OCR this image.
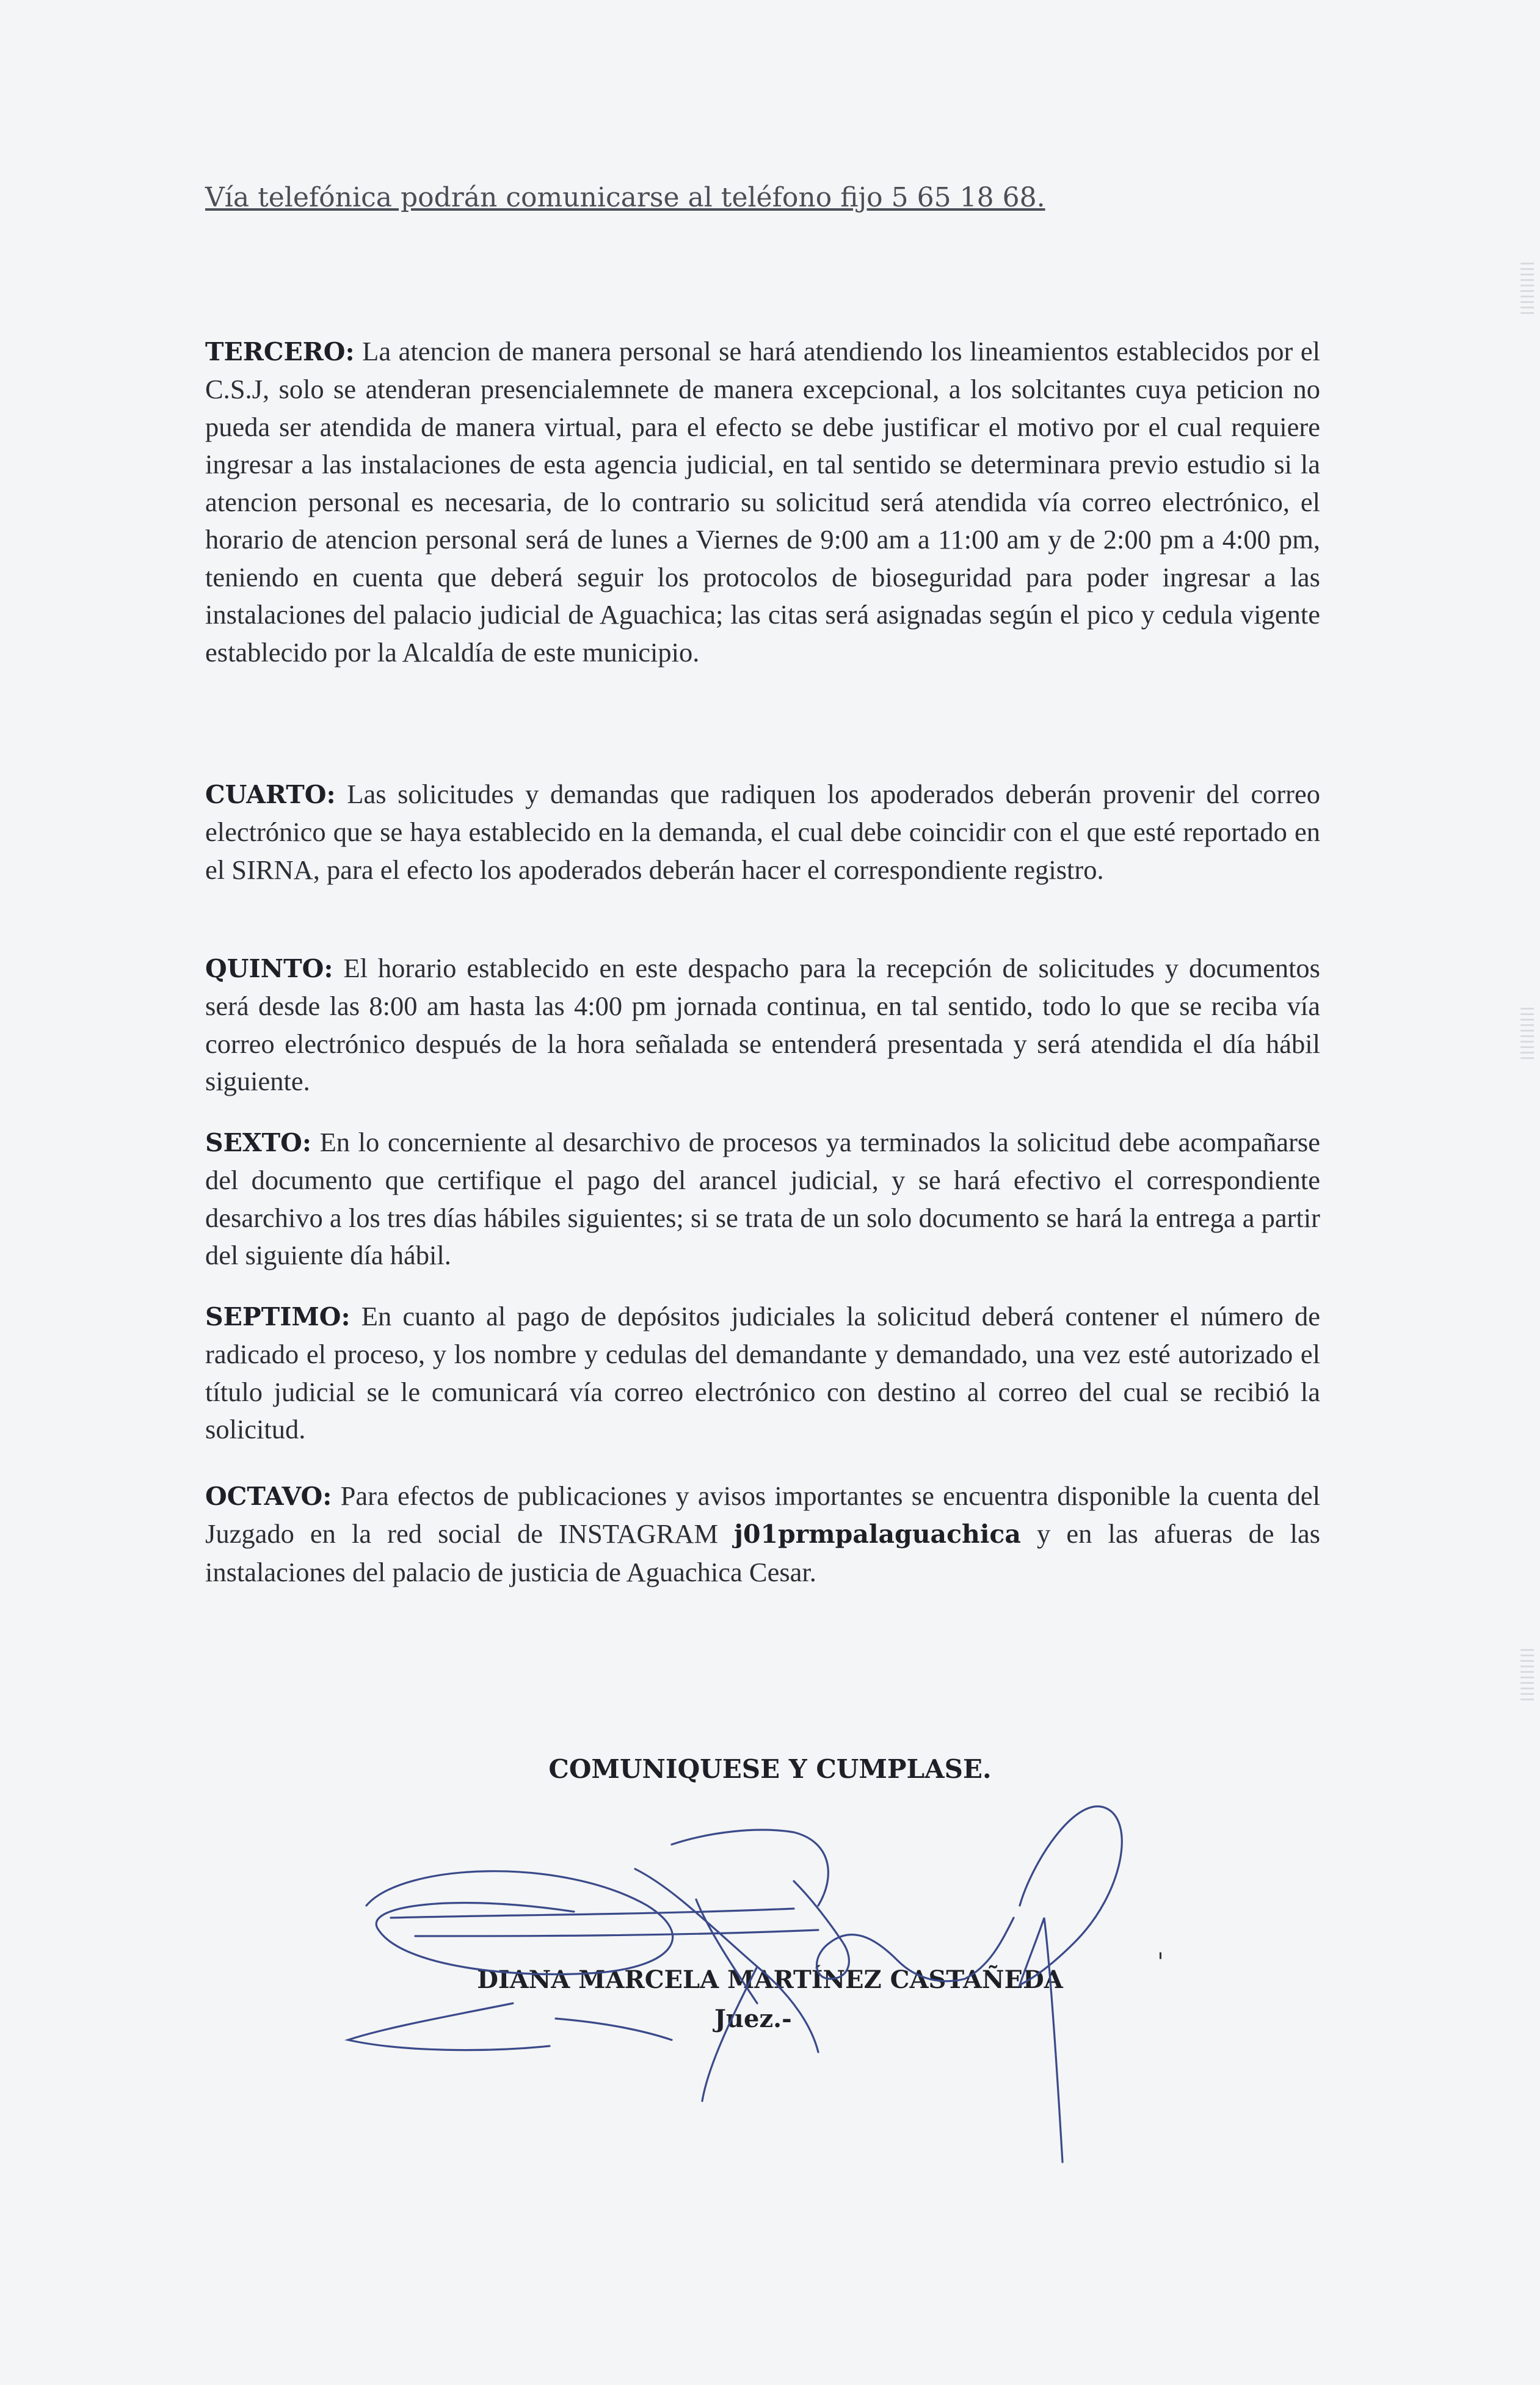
Vía telefónica podrán comunicarse al teléfono fijo 5 65 18 68.

TERCERO: La atencion de manera personal se hará atendiendo los lineamientos establecidos por el C.S.J, solo se atenderan presencialemnete de manera excepcional, a los solcitantes cuya peticion no pueda ser atendida de manera virtual, para el efecto se debe justificar el motivo por el cual requiere ingresar a las instalaciones de esta agencia judicial, en tal sentido se determinara previo estudio si la atencion personal es necesaria, de lo contrario su solicitud será atendida vía correo electrónico, el horario de atencion personal será de lunes a Viernes de 9:00 am a 11:00 am y de 2:00 pm a 4:00 pm, teniendo en cuenta que deberá seguir los protocolos de bioseguridad para poder ingresar a las instalaciones del palacio judicial de Aguachica; las citas será asignadas según el pico y cedula vigente establecido por la Alcaldía de este municipio.

CUARTO: Las solicitudes y demandas que radiquen los apoderados deberán provenir del correo electrónico que se haya establecido en la demanda, el cual debe coincidir con el que esté reportado en el SIRNA, para el efecto los apoderados deberán hacer el correspondiente registro.

QUINTO: El horario establecido en este despacho para la recepción de solicitudes y documentos será desde las 8:00 am hasta las 4:00 pm jornada continua, en tal sentido, todo lo que se reciba vía correo electrónico después de la hora señalada se entenderá presentada y será atendida el día hábil siguiente.

SEXTO: En lo concerniente al desarchivo de procesos ya terminados la solicitud debe acompañarse del documento que certifique el pago del arancel judicial, y se hará efectivo el correspondiente desarchivo a los tres días hábiles siguientes; si se trata de un solo documento se hará la entrega a partir del siguiente día hábil.

SEPTIMO: En cuanto al pago de depósitos judiciales la solicitud deberá contener el número de radicado el proceso, y los nombre y cedulas del demandante y demandado, una vez esté autorizado el título judicial se le comunicará vía correo electrónico con destino al correo del cual se recibió la solicitud.

OCTAVO: Para efectos de publicaciones y avisos importantes se encuentra disponible la cuenta del Juzgado en la red social de INSTAGRAM j01prmpalaguachica y en las afueras de las instalaciones del palacio de justicia de Aguachica Cesar.

COMUNIQUESE Y CUMPLASE.
DIANA MARCELA MARTÍNEZ CASTAÑEDA
Juez.-
'
